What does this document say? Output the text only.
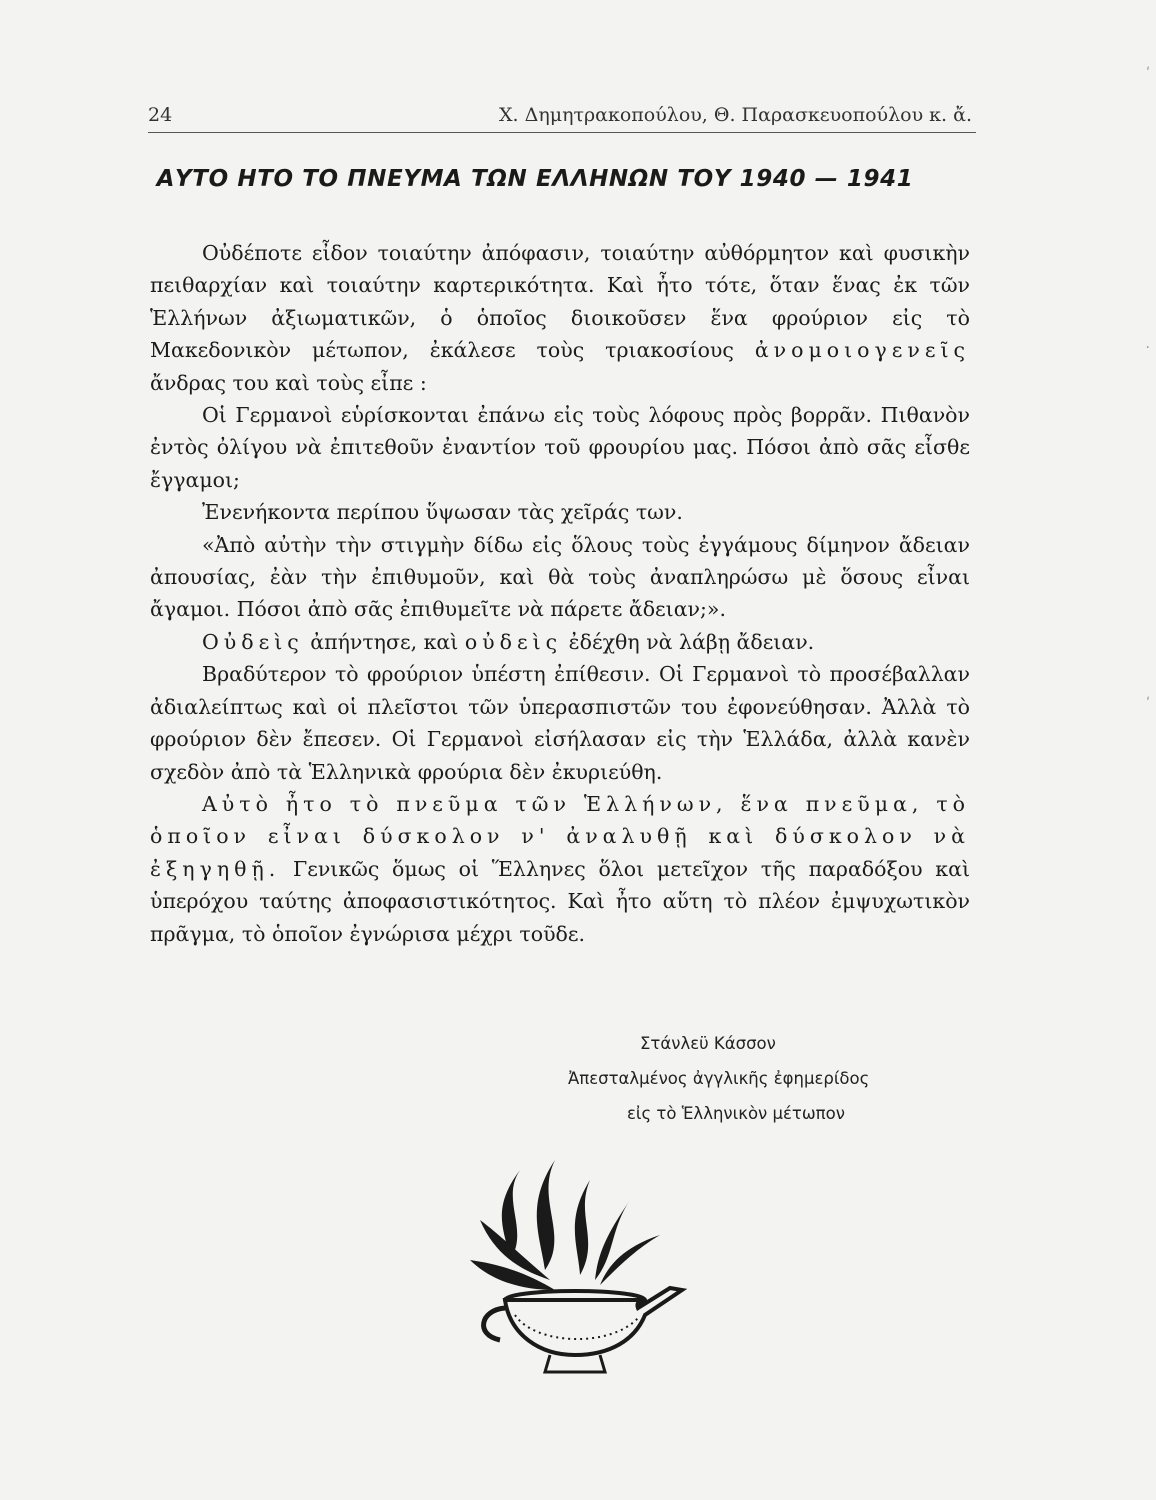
24	Χ. Δημητρακοπούλου, Θ. Παρασκευοπούλου κ. ἄ.
ΑΥΤΟ ΗΤΟ ΤΟ ΠΝΕΥΜΑ ΤΩΝ ΕΛΛΗΝΩΝ ΤΟΥ 1940 — 1941

Οὐδέποτε εἶδον τοιαύτην ἀπόφασιν, τοιαύτην αὐθόρμητον καὶ φυσικὴν πειθαρχίαν καὶ τοιαύτην καρτερικότητα. Καὶ ἦτο τότε, ὅταν ἕνας ἐκ τῶν Ἑλλήνων ἀξιωματικῶν, ὁ ὁποῖος διοικοῦσεν ἕνα φρούριον εἰς τὸ Μακεδονικὸν μέτωπον, ἐκάλεσε τοὺς τριακοσίους ἀνομοιογενεῖς ἄνδρας του καὶ τοὺς εἶπε :

Οἱ Γερμανοὶ εὑρίσκονται ἐπάνω εἰς τοὺς λόφους πρὸς βορρᾶν. Πιθανὸν ἐντὸς ὀλίγου νὰ ἐπιτεθοῦν ἐναντίον τοῦ φρουρίου μας. Πόσοι ἀπὸ σᾶς εἶσθε ἔγγαμοι;

Ἐνενήκοντα περίπου ὕψωσαν τὰς χεῖράς των.

«Ἀπὸ αὐτὴν τὴν στιγμὴν δίδω εἰς ὅλους τοὺς ἐγγάμους δίμηνον ἄδειαν ἀπουσίας, ἐὰν τὴν ἐπιθυμοῦν, καὶ θὰ τοὺς ἀναπληρώσω μὲ ὅσους εἶναι ἄγαμοι. Πόσοι ἀπὸ σᾶς ἐπιθυμεῖτε νὰ πάρετε ἄδειαν;».

Οὐδεὶς ἀπήντησε, καὶ οὐδεὶς ἐδέχθη νὰ λάβῃ ἄδειαν.

Βραδύτερον τὸ φρούριον ὑπέστη ἐπίθεσιν. Οἱ Γερμανοὶ τὸ προσέβαλλαν ἀδιαλείπτως καὶ οἱ πλεῖστοι τῶν ὑπερασπιστῶν του ἐφονεύθησαν. Ἀλλὰ τὸ φρούριον δὲν ἔπεσεν. Οἱ Γερμανοὶ εἰσήλασαν εἰς τὴν Ἑλλάδα, ἀλλὰ κανὲν σχεδὸν ἀπὸ τὰ Ἑλληνικὰ φρούρια δὲν ἐκυριεύθη.

Αὐτὸ ἦτο τὸ πνεῦμα τῶν Ἑλλήνων, ἕνα πνεῦμα, τὸ ὁποῖον εἶναι δύσκολον ν' ἀναλυθῇ καὶ δύσκολον νὰ ἐξηγηθῇ. Γενικῶς ὅμως οἱ Ἕλληνες ὅλοι μετεῖχον τῆς παραδόξου καὶ ὑπερόχου ταύτης ἀποφασιστικότητος. Καὶ ἦτο αὕτη τὸ πλέον ἐμψυχωτικὸν πρᾶγμα, τὸ ὁποῖον ἐγνώρισα μέχρι τοῦδε.

Στάνλεϋ Κάσσον
Ἀπεσταλμένος ἀγγλικῆς ἐφημερίδος
εἰς τὸ Ἑλληνικὸν μέτωπον
ʹ
·
ʹ
